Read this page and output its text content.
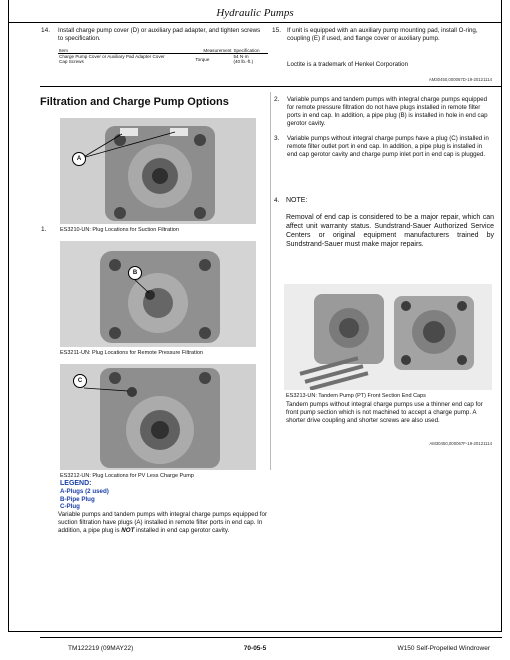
Hydraulic Pumps
14. Install charge pump cover (D) or auxiliary pad adapter, and tighten screws to specification.
Item	Measurement	Specification
Charge Pump Cover or Auxiliary Pad Adapter Cover
Cap Screws	Torque	54 N·m
(40 lb.-ft.)
15. If unit is equipped with an auxiliary pump mounting pad, install O-ring, coupling (E) if used, and flange cover or auxiliary pump.
Loctite is a trademark of Henkel Corporation
AM30450,000067D-19-20121114
Filtration and Charge Pump Options
A
1. ES3210-UN: Plug Locations for Suction Filtration
B
ES3211-UN: Plug Locations for Remote Pressure Filtration
C
ES3212-UN: Plug Locations for PV Less Charge Pump
LEGEND:
A-Plugs (2 used)
B-Pipe Plug
C-Plug
Variable pumps and tandem pumps with integral charge pumps equipped for suction filtration have plugs (A) installed in remote filter ports in end cap. In addition, a pipe plug is NOT installed in end cap gerotor cavity.
2. Variable pumps and tandem pumps with integral charge pumps equipped for remote pressure filtration do not have plugs installed in remote filter ports in end cap. In addition, a pipe plug (B) is installed in hole in end cap gerotor cavity.
3. Variable pumps without integral charge pumps have a plug (C) installed in remote filter outlet port in end cap. In addition, a pipe plug is installed in end cap gerotor cavity and charge pump inlet port in end cap is plugged.
4. NOTE:
Removal of end cap is considered to be a major repair, which can affect unit warranty status. Sundstrand-Sauer Authorized Service Centers or original equipment manufacturers trained by Sundstrand-Sauer must make major repairs.
ES3213-UN: Tandem Pump (PT) Front Section End Caps
Tandem pumps without integral charge pumps use a thinner end cap for front pump section which is not machined to accept a charge pump. A shorter drive coupling and shorter screws are also used.
AM30450,000067F-19-20121114
TM122219 (09MAY22)	70-05-5	W150 Self-Propelled Windrower
